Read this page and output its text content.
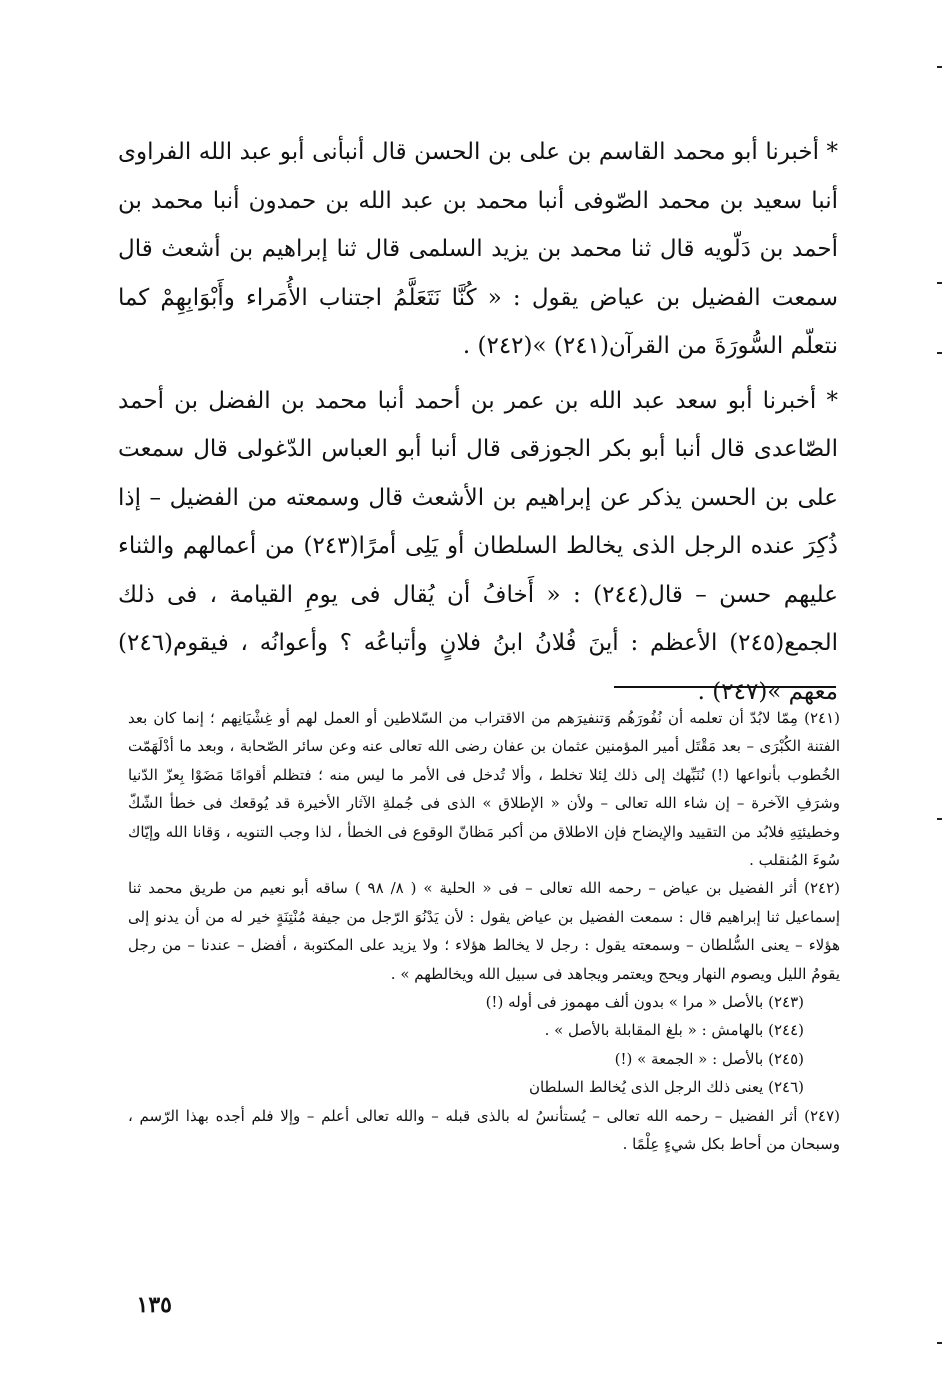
* أخبرنا أبو محمد القاسم بن على بن الحسن قال أنبأنى أبو عبد الله الفراوى أنبا سعيد بن محمد الصّوفى أنبا محمد بن عبد الله بن حمدون أنبا محمد بن أحمد بن دَلّويه قال ثنا محمد بن يزيد السلمى قال ثنا إبراهيم بن أشعث قال سمعت الفضيل بن عياض يقول : « كُنَّا نَتَعَلَّمُ اجتناب الأُمَراء وأَبْوَابِهِمْ كما نتعلّم السُّورَةَ من القرآن(٢٤١) »(٢٤٢) .

* أخبرنا أبو سعد عبد الله بن عمر بن أحمد أنبا محمد بن الفضل بن أحمد الصّاعدى قال أنبا أبو بكر الجوزقى قال أنبا أبو العباس الدّغولى قال سمعت على بن الحسن يذكر عن إبراهيم بن الأشعث قال وسمعته من الفضيل – إذا ذُكِرَ عنده الرجل الذى يخالط السلطان أو يَلِى أمرًا(٢٤٣) من أعمالهم والثناء عليهم حسن – قال(٢٤٤) : « أَخافُ أن يُقال فى يومِ القيامة ، فى ذلك الجمع(٢٤٥) الأعظم : أينَ فُلانُ ابنُ فلانٍ وأتباعُه ؟ وأعوانُه ، فيقوم(٢٤٦) معهم »(٢٤٧) .

(٢٤١) مِمّا لابُدّ أن تعلمه أن نُفُورَهُم وَتنفيرَهم من الاقتراب من السّلاطين أو العمل لهم أو غِشْيَانِهم ؛ إنما كان بعد الفتنة الكُبْرَى – بعد مَقْتَل أمير المؤمنين عثمان بن عفان رضى الله تعالى عنه وعن سائر الصّحابة ، وبعد ما أدْلَهَمّت الخُطوب بأنواعها (!) نُنَبِّهك إلى ذلك لِئلا تخلط ، وألا تُدخل فى الأمر ما ليس منه ؛ فتظلم أقوامًا مَضَوْا بِعزّ الدّنيا وشرَفِ الآخرة – إن شاء الله تعالى – ولأن « الإطلاق » الذى فى جُملةِ الآثار الأخيرة قد يُوقعك فى خطأ الشّكّ وخطيئتِهِ فلابُد من التقييد والإيضاح فإن الاطلاق من أكبر مَظانّ الوقوع فى الخطأ ، لذا وجب التنويه ، وَقانا الله وإيّاك سُوءَ المُنقلب .

(٢٤٢) أثر الفضيل بن عياض – رحمه الله تعالى – فى « الحلية » ( ٨/ ٩٨ ) ساقه أبو نعيم من طريق محمد ثنا إسماعيل ثنا إبراهيم قال : سمعت الفضيل بن عياض يقول : لأن يَدْنُوَ الرّجل من جيفة مُنْتِنَةٍ خير له من أن يدنو إلى هؤلاء – يعنى السُّلطان – وسمعته يقول : رجل لا يخالط هؤلاء ؛ ولا يزيد على المكتوبة ، أفضل – عندنا – من رجل يقومُ الليل ويصوم النهار ويحج ويعتمر ويجاهد فى سبيل الله ويخالطهم » .

(٢٤٣) بالأصل « مرا » بدون ألف مهموز فى أوله (!)

(٢٤٤) بالهامش : « بلغ المقابلة بالأصل » .

(٢٤٥) بالأصل : « الجمعة » (!)

(٢٤٦) يعنى ذلك الرجل الذى يُخالط السلطان

(٢٤٧) أثر الفضيل – رحمه الله تعالى – يُستأنسُ له بالذى قبله – والله تعالى أعلم – وإلا فلم أجده بهذا الرّسم ، وسبحان من أحاط بكل شيءٍ عِلْمًا .

١٣٥
